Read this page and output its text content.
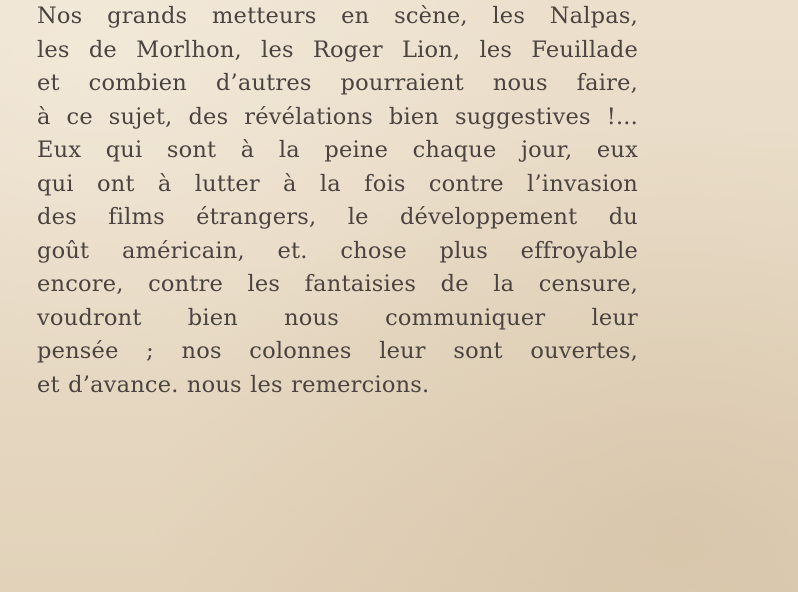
Nos grands metteurs en scène, les Nalpas,
les de Morlhon, les Roger Lion, les Feuillade
et combien d’autres pourraient nous faire,
à ce sujet, des révélations bien suggestives !...
Eux qui sont à la peine chaque jour, eux
qui ont à lutter à la fois contre l’invasion
des films étrangers, le développement du
goût américain, et. chose plus effroyable
encore, contre les fantaisies de la censure,
voudront bien nous communiquer leur
pensée ; nos colonnes leur sont ouvertes,
et d’avance. nous les remercions.
